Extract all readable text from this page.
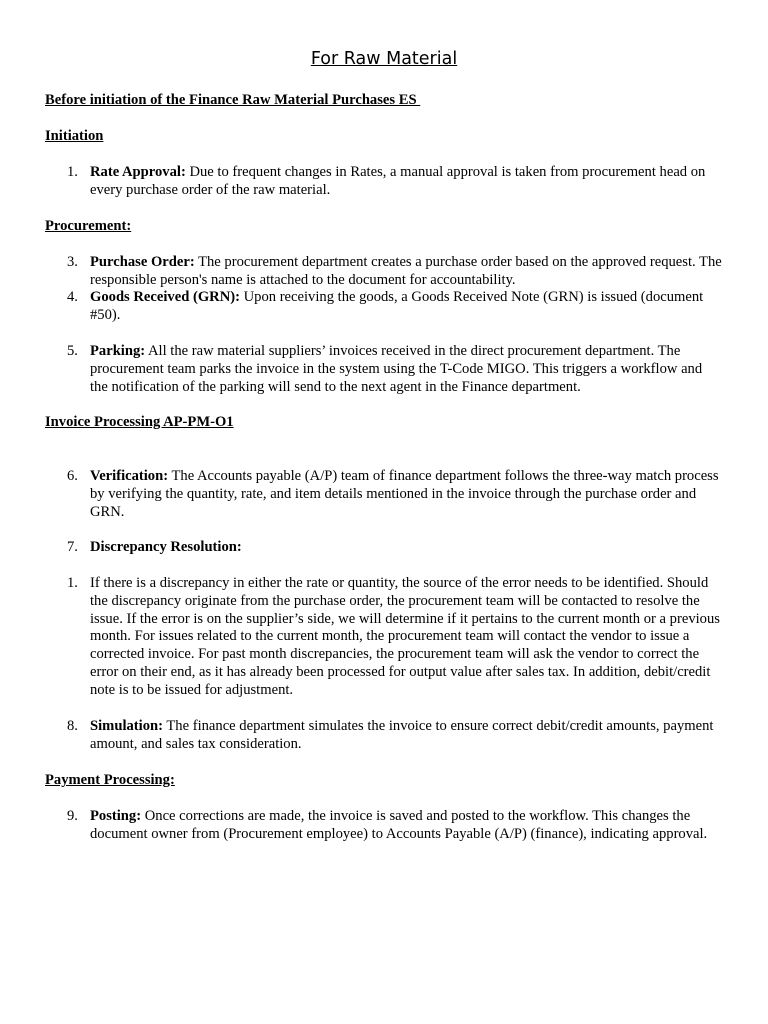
For Raw Material
Before initiation of the Finance Raw Material Purchases ES
Initiation
1. Rate Approval: Due to frequent changes in Rates, a manual approval is taken from procurement head on every purchase order of the raw material.
Procurement:
3. Purchase Order: The procurement department creates a purchase order based on the approved request. The responsible person's name is attached to the document for accountability.
4. Goods Received (GRN): Upon receiving the goods, a Goods Received Note (GRN) is issued (document #50).
5. Parking: All the raw material suppliers’ invoices received in the direct procurement department. The procurement team parks the invoice in the system using the T-Code MIGO. This triggers a workflow and the notification of the parking will send to the next agent in the Finance department.
Invoice Processing AP-PM-O1
6. Verification: The Accounts payable (A/P) team of finance department follows the three-way match process by verifying the quantity, rate, and item details mentioned in the invoice through the purchase order and GRN.
7. Discrepancy Resolution:
1. If there is a discrepancy in either the rate or quantity, the source of the error needs to be identified. Should the discrepancy originate from the purchase order, the procurement team will be contacted to resolve the issue. If the error is on the supplier’s side, we will determine if it pertains to the current month or a previous month. For issues related to the current month, the procurement team will contact the vendor to issue a corrected invoice. For past month discrepancies, the procurement team will ask the vendor to correct the error on their end, as it has already been processed for output value after sales tax. In addition, debit/credit note is to be issued for adjustment.
8. Simulation: The finance department simulates the invoice to ensure correct debit/credit amounts, payment amount, and sales tax consideration.
Payment Processing:
9. Posting: Once corrections are made, the invoice is saved and posted to the workflow. This changes the document owner from (Procurement employee) to Accounts Payable (A/P) (finance), indicating approval.
